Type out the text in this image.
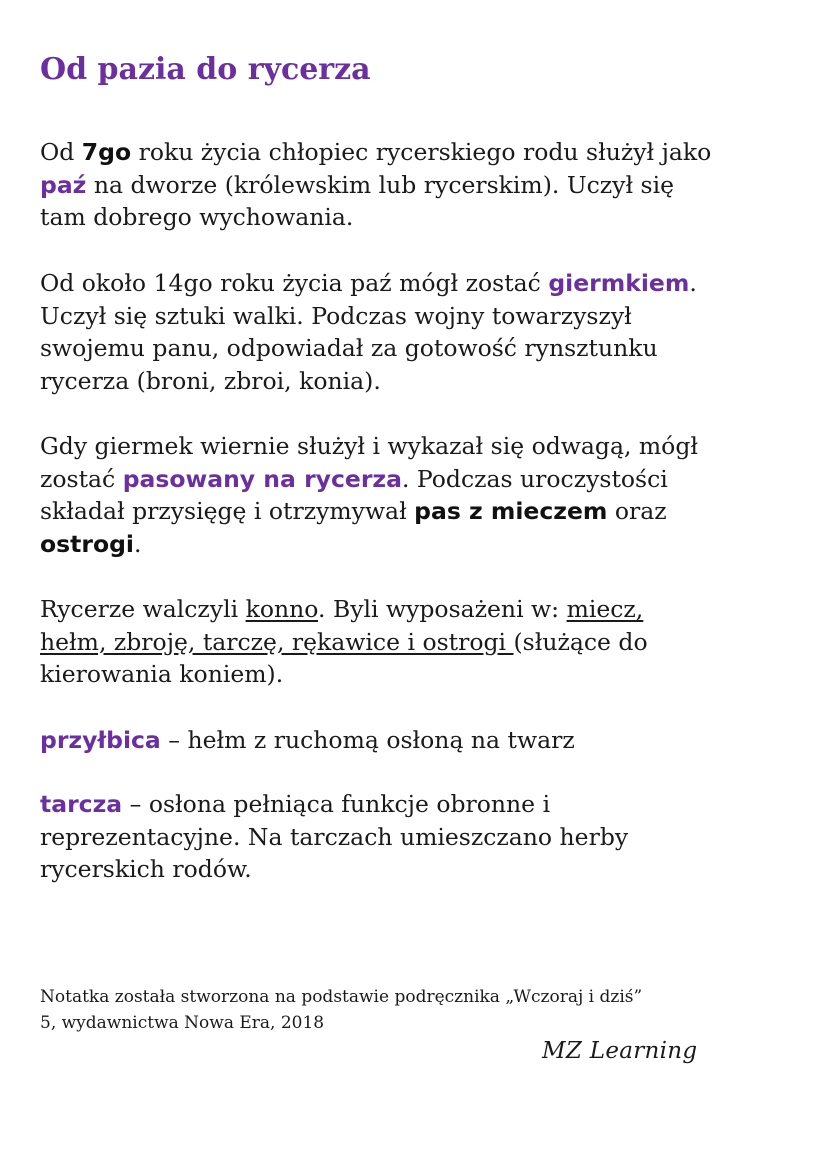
Od pazia do rycerza

Od 7go roku życia chłopiec rycerskiego rodu służył jako
paź na dworze (królewskim lub rycerskim). Uczył się
tam dobrego wychowania.

Od około 14go roku życia paź mógł zostać giermkiem.
Uczył się sztuki walki. Podczas wojny towarzyszył
swojemu panu, odpowiadał za gotowość rynsztunku
rycerza (broni, zbroi, konia).

Gdy giermek wiernie służył i wykazał się odwagą, mógł
zostać pasowany na rycerza. Podczas uroczystości
składał przysięgę i otrzymywał pas z mieczem oraz
ostrogi.

Rycerze walczyli konno. Byli wyposażeni w: miecz,
hełm, zbroję, tarczę, rękawice i ostrogi (służące do
kierowania koniem).

przyłbica – hełm z ruchomą osłoną na twarz

tarcza – osłona pełniąca funkcje obronne i
reprezentacyjne. Na tarczach umieszczano herby
rycerskich rodów.

Notatka została stworzona na podstawie podręcznika „Wczoraj i dziś”
5, wydawnictwa Nowa Era, 2018

MZ Learning
